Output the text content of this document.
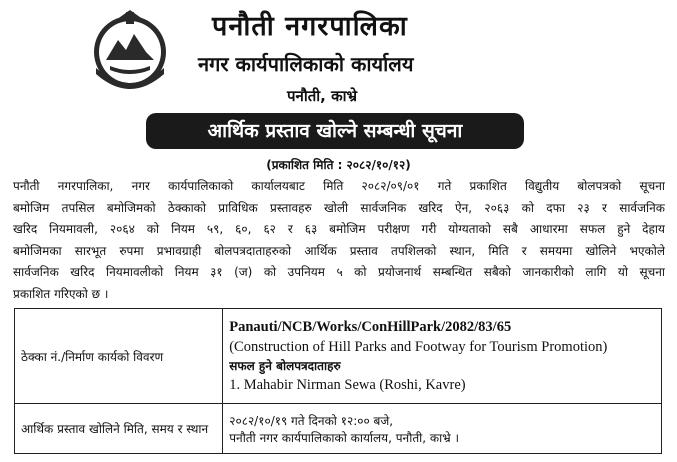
पनौती नगरपालिका
नगर कार्यपालिकाको कार्यालय
पनौती, काभ्रे
आर्थिक प्रस्ताव खोल्ने सम्बन्धी सूचना
(प्रकाशित मिति : २०८२/१०/१२)
पनौती नगरपालिका, नगर कार्यपालिकाको कार्यालयबाट मिति २०८२/०९/०१ गते प्रकाशित विद्युतीय बोलपत्रको सूचना
बमोजिम तपसिल बमोजिमको ठेक्काको प्राविधिक प्रस्तावहरु खोली सार्वजनिक खरिद ऐन, २०६३ को दफा २३ र सार्वजनिक
खरिद नियमावली, २०६४ को नियम ५९, ६०, ६२ र ६३ बमोजिम परीक्षण गरी योग्यताको सबै आधारमा सफल हुने देहाय
बमोजिमका सारभूत रुपमा प्रभावग्राही बोलपत्रदाताहरुको आर्थिक प्रस्ताव तपशिलको स्थान, मिति र समयमा खोलिने भएकोले
सार्वजनिक खरिद नियमावलीको नियम ३१ (ज) को उपनियम ५ को प्रयोजनार्थ सम्बन्धित सबैको जानकारीको लागि यो सूचना
प्रकाशित गरिएको छ ।
ठेक्का नं./निर्माण कार्यको विवरण	Panauti/NCB/Works/ConHillPark/2082/83/65
(Construction of Hill Parks and Footway for Tourism Promotion)
सफल हुने बोलपत्रदाताहरु
1. Mahabir Nirman Sewa (Roshi, Kavre)

आर्थिक प्रस्ताव खोलिने मिति, समय र स्थान	२०८२/१०/१९ गते दिनको १२:०० बजे,
पनौती नगर कार्यपालिकाको कार्यालय, पनौती, काभ्रे ।
